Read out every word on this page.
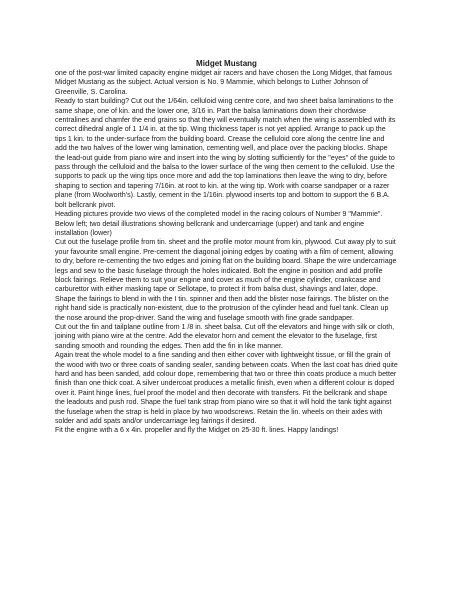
Midget Mustang

one of the post-war limited capacity engine midget air racers and have chosen the Long Midget, that famous Midget Mustang as the subject. Actual version is No. 9 Mammie, which belongs to Luther Johnson of Greenville, S. Carolina.

Ready to start building? Cut out the 1/64in. celluloid wing centre core, and two sheet balsa laminations to the same shape, one of kin. and the lower one, 3/16 in. Part the balsa laminations down their chordwise centralines and chamfer the end grains so that they will eventually match when the wing is assembled with its correct dihedral angle of 1 1/4 in. at the tip. Wing thickness taper is not yet applied. Arrange to pack up the tips 1 kin. to the under-surface from the building board. Crease the celluloid core along the centre line and add the two halves of the lower wing lamination, cementing well, and place over the packing blocks. Shape the lead-out guide from piano wire and insert into the wing by slotting sufficiently for the "eyes" of the guide to pass through the celluloid and the balsa to the lower surface of the wing then cement to the celluloid. Use the supports to pack up the wing tips once more and add the top laminations then leave the wing to dry, before shaping to section and tapering 7/16in. at root to kin. at the wing tip. Work with coarse sandpaper or a razer plane (from Woolworth's). Lastly, cement in the 1/16in. plywood inserts top and bottom to support the 6 B.A. bolt bellcrank pivot.

Heading pictures provide two views of the completed model in the racing colours of Number 9 "Mammie". Below left; two detail illustrations showing bellcrank and undercarriage (upper) and tank and engine installation (lower)

Cut out the fuselage profile from tin. sheet and the profile motor mount from kin, plywood. Cut away ply to suit your favourite small engine. Pre-cement the diagonal joining edges by coating with a film of cement, allowing to dry, before re-cementing the two edges and joining flat on the building board. Shape the wire undercarriage legs and sew to the basic fuselage through the holes indicated. Bolt the engine in position and add profile block fairings. Relieve them to suit your engine and cover as much of the engine cylinder, crankcase and carburettor with either masking tape or Sellotape, to protect it from balsa dust, shavings and later, dope. Shape the fairings to blend in with the I tin. spinner and then add the blister nose fairings. The blister on the right hand side is practically non-existent, due to the protrusion of the cylinder head and fuel tank. Clean up the nose around the prop-driver. Sand the wing and fuselage smooth with fine grade sandpaper.

Cut out the fin and tailplane outline from 1 /8 in. sheet balsa. Cut off the elevators and hinge with silk or cloth, joining with piano wire at the centre. Add the elevator horn and cement the elevator to the fuselage, first sanding smooth and rounding the edges. Then add the fin in like manner.

Again treat the whole model to a fine sanding and then either cover with lightweight tissue, or fill the grain of the wood with two or three coats of sanding sealer, sanding between coats. When the last coat has dried quite hard and has been sanded, add colour dope, remembering that two or three thin coats produce a much better finish than one thick coat. A silver undercoat produces a metallic finish, even when a different colour is doped over it. Paint hinge lines, fuel proof the model and then decorate with transfers. Fit the bellcrank and shape the leadouts and push rod. Shape the fuel tank strap from piano wire so that it will hold the tank tight against the fuselage when the strap is held in place by two woodscrews. Retain the lin. wheels on their axles with solder and add spats and/or undercarriage leg fairings if desired.

Fit the engine with a 6 x 4in. propeller and fly the Midget on 25-30 ft. lines. Happy landings!
